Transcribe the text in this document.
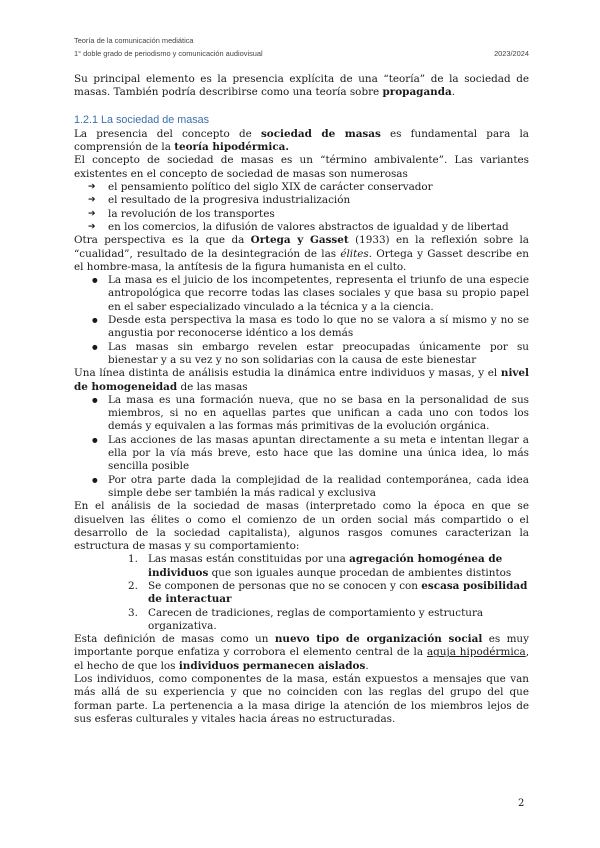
Teoría de la comunicación mediática
1° doble grado de periodismo y comunicación audiovisual	2023/2024

Su principal elemento es la presencia explícita de una “teoría” de la sociedad de masas. También podría describirse como una teoría sobre propaganda.

1.2.1 La sociedad de masas

La presencia del concepto de sociedad de masas es fundamental para la comprensión de la teoría hipodérmica.

El concepto de sociedad de masas es un “término ambivalente”. Las variantes existentes en el concepto de sociedad de masas son numerosas

➔ el pensamiento político del siglo XIX de carácter conservador
➔ el resultado de la progresiva industrialización
➔ la revolución de los transportes
➔ en los comercios, la difusión de valores abstractos de igualdad y de libertad

Otra perspectiva es la que da Ortega y Gasset (1933) en la reflexión sobre la “cualidad”, resultado de la desintegración de las élites. Ortega y Gasset describe en el hombre-masa, la antítesis de la figura humanista en el culto.

● La masa es el juicio de los incompetentes, representa el triunfo de una especie antropológica que recorre todas las clases sociales y que basa su propio papel en el saber especializado vinculado a la técnica y a la ciencia.
● Desde esta perspectiva la masa es todo lo que no se valora a sí mismo y no se angustia por reconocerse idéntico a los demás
● Las masas sin embargo revelen estar preocupadas únicamente por su bienestar y a su vez y no son solidarias con la causa de este bienestar

Una línea distinta de análisis estudia la dinámica entre individuos y masas, y el nivel de homogeneidad de las masas

● La masa es una formación nueva, que no se basa en la personalidad de sus miembros, si no en aquellas partes que unifican a cada uno con todos los demás y equivalen a las formas más primitivas de la evolución orgánica.
● Las acciones de las masas apuntan directamente a su meta e intentan llegar a ella por la vía más breve, esto hace que las domine una única idea, lo más sencilla posible
● Por otra parte dada la complejidad de la realidad contemporánea, cada idea simple debe ser también la más radical y exclusiva

En el análisis de la sociedad de masas (interpretado como la época en que se disuelven las élites o como el comienzo de un orden social más compartido o el desarrollo de la sociedad capitalista), algunos rasgos comunes caracterizan la estructura de masas y su comportamiento:

1. Las masas están constituidas por una agregación homogénea de individuos que son iguales aunque procedan de ambientes distintos
2. Se componen de personas que no se conocen y con escasa posibilidad de interactuar
3. Carecen de tradiciones, reglas de comportamiento y estructura organizativa.

Esta definición de masas como un nuevo tipo de organización social es muy importante porque enfatiza y corrobora el elemento central de la aguja hipodérmica, el hecho de que los individuos permanecen aislados.

Los individuos, como componentes de la masa, están expuestos a mensajes que van más allá de su experiencia y que no coinciden con las reglas del grupo del que forman parte. La pertenencia a la masa dirige la atención de los miembros lejos de sus esferas culturales y vitales hacia áreas no estructuradas.

2
